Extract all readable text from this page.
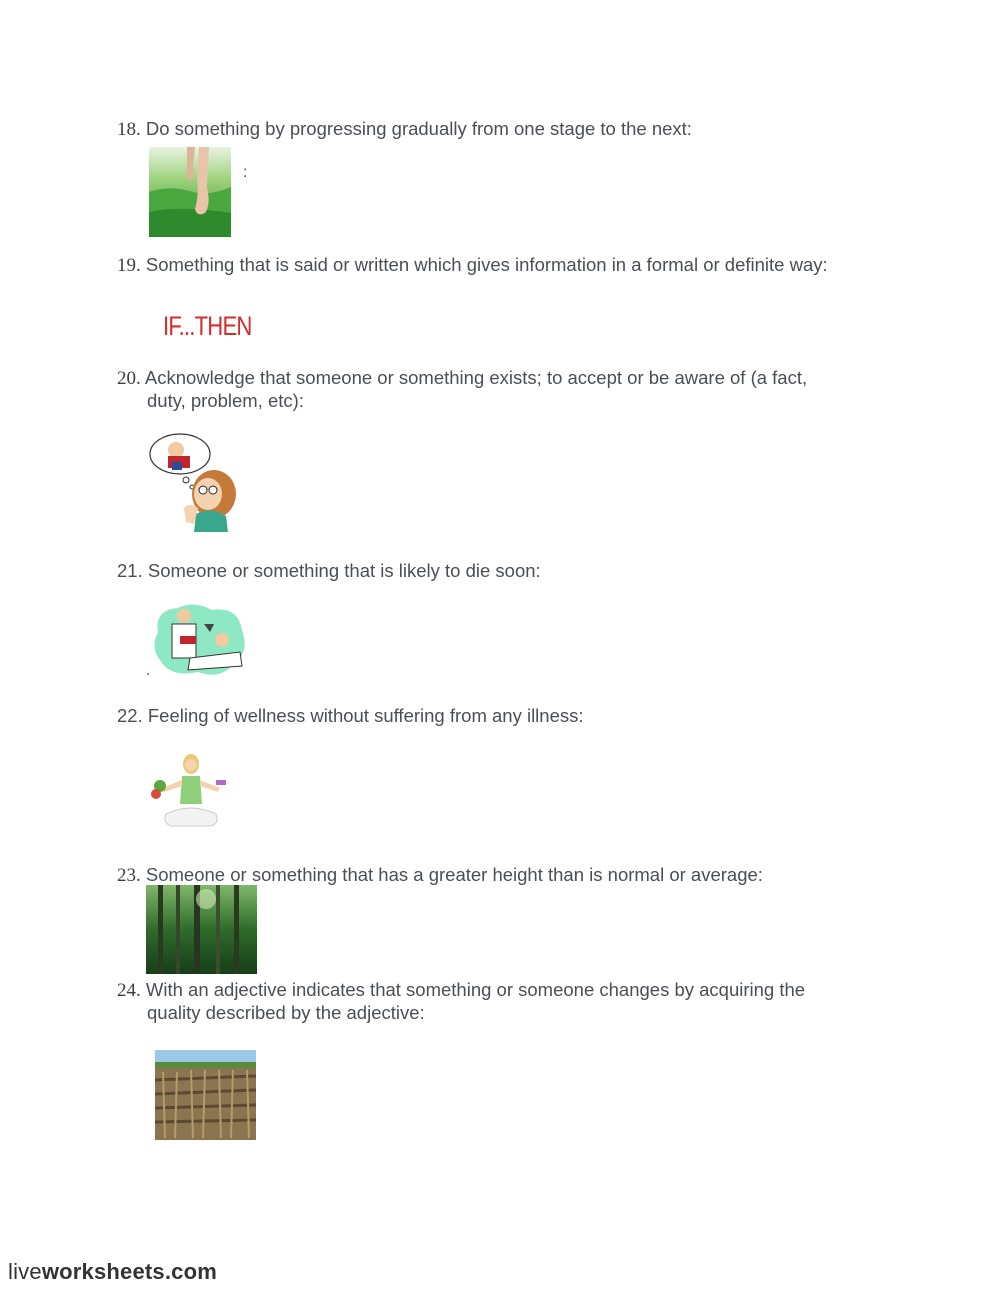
18. Do something by progressing gradually from one stage to the next:
:
19. Something that is said or written which gives information in a formal or definite way:
IF...THEN
20. Acknowledge that someone or something exists; to accept or be aware of (a fact,
duty, problem, etc):
21. Someone or something that is likely to die soon:
.
22. Feeling of wellness without suffering from any illness:
23. Someone or something that has a greater height than is normal or average:
24. With an adjective indicates that something or someone changes by acquiring the
quality described by the adjective:
liveworksheets.com
